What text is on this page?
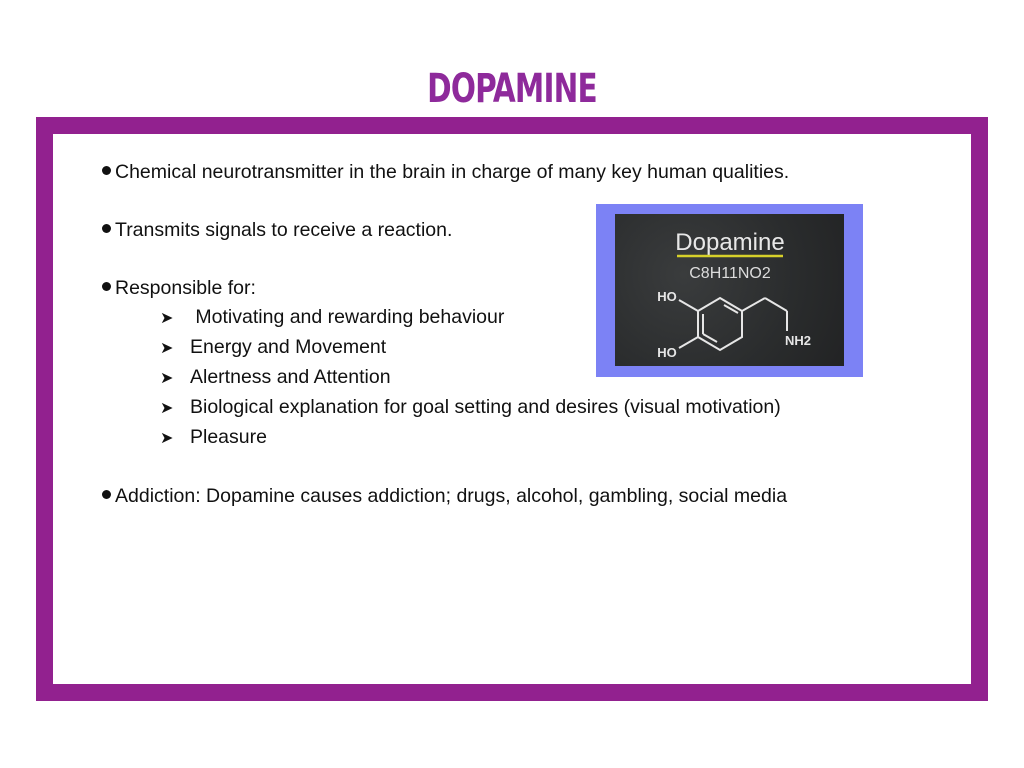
DOPAMINE
Chemical neurotransmitter in the brain in charge of many key human qualities.
Transmits signals to receive a reaction.
Responsible for:
➤ Motivating and rewarding behaviour
➤ Energy and Movement
➤ Alertness and Attention
➤ Biological explanation for goal setting and desires (visual motivation)
➤ Pleasure
Addiction: Dopamine causes addiction; drugs, alcohol, gambling, social media
Dopamine
C8H11NO2
HO
HO
NH2
